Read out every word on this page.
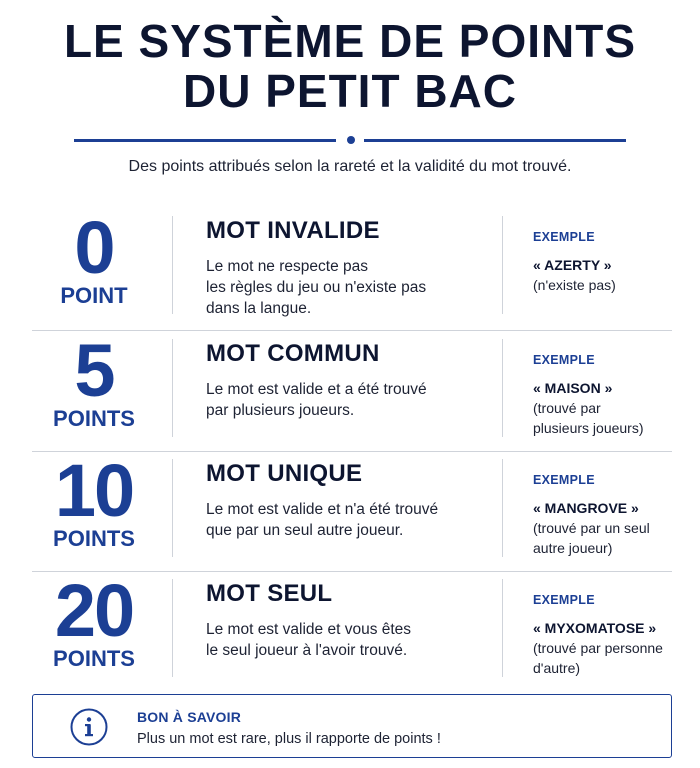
LE SYSTÈME DE POINTS
DU PETIT BAC
Des points attribués selon la rareté et la validité du mot trouvé.
0
POINT
MOT INVALIDE
Le mot ne respecte pas
les règles du jeu ou n'existe pas
dans la langue.
EXEMPLE
« AZERTY »
(n'existe pas)
5
POINTS
MOT COMMUN
Le mot est valide et a été trouvé
par plusieurs joueurs.
EXEMPLE
« MAISON »
(trouvé par
plusieurs joueurs)
10
POINTS
MOT UNIQUE
Le mot est valide et n'a été trouvé
que par un seul autre joueur.
EXEMPLE
« MANGROVE »
(trouvé par un seul
autre joueur)
20
POINTS
MOT SEUL
Le mot est valide et vous êtes
le seul joueur à l'avoir trouvé.
EXEMPLE
« MYXOMATOSE »
(trouvé par personne
d'autre)
BON À SAVOIR
Plus un mot est rare, plus il rapporte de points !
